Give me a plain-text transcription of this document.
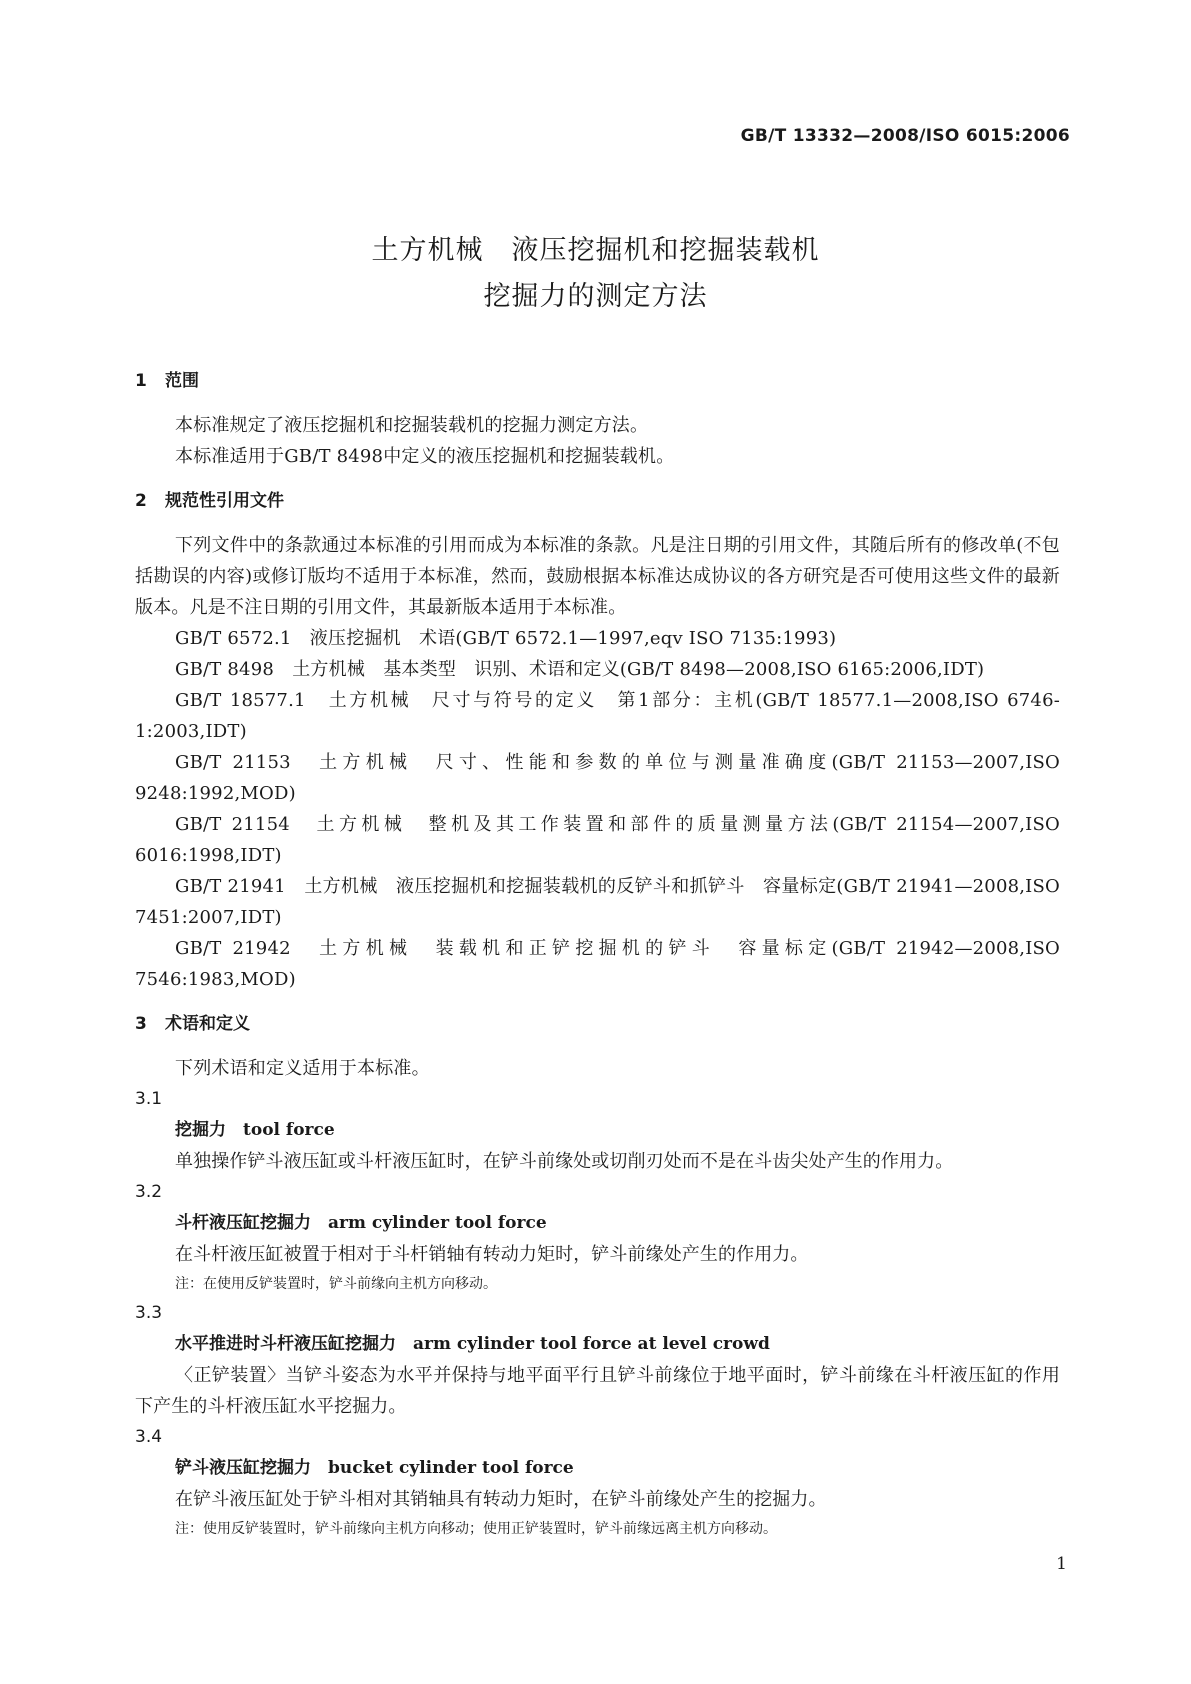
GB/T 13332—2008/ISO 6015:2006
土方机械　液压挖掘机和挖掘装载机
挖掘力的测定方法
1 范围
本标准规定了液压挖掘机和挖掘装载机的挖掘力测定方法。
本标准适用于GB/T 8498中定义的液压挖掘机和挖掘装载机。
2 规范性引用文件
下列文件中的条款通过本标准的引用而成为本标准的条款。凡是注日期的引用文件，其随后所有的修改单(不包括勘误的内容)或修订版均不适用于本标准，然而，鼓励根据本标准达成协议的各方研究是否可使用这些文件的最新版本。凡是不注日期的引用文件，其最新版本适用于本标准。
GB/T 6572.1　 液压挖掘机　术语(GB/T 6572.1—1997,eqv ISO 7135:1993)
GB/T 8498　 土方机械　基本类型　识别、术语和定义(GB/T 8498—2008,ISO 6165:2006,IDT)
GB/T 18577.1　 土方机械　尺寸与符号的定义　第1部分：主机(GB/T 18577.1—2008,ISO 6746-1:2003,IDT)
GB/T 21153　 土方机械　尺寸、性能和参数的单位与测量准确度(GB/T 21153—2007,ISO 9248:1992,MOD)
GB/T 21154　 土方机械　整机及其工作装置和部件的质量测量方法(GB/T 21154—2007,ISO 6016:1998,IDT)
GB/T 21941　 土方机械　液压挖掘机和挖掘装载机的反铲斗和抓铲斗　容量标定(GB/T 21941—2008,ISO 7451:2007,IDT)
GB/T 21942　 土方机械　装载机和正铲挖掘机的铲斗　容量标定(GB/T 21942—2008,ISO 7546:1983,MOD)
3 术语和定义
下列术语和定义适用于本标准。
3.1
挖掘力　 tool force
单独操作铲斗液压缸或斗杆液压缸时，在铲斗前缘处或切削刃处而不是在斗齿尖处产生的作用力。
3.2
斗杆液压缸挖掘力　 arm cylinder tool force
在斗杆液压缸被置于相对于斗杆销轴有转动力矩时，铲斗前缘处产生的作用力。
注：在使用反铲装置时，铲斗前缘向主机方向移动。
3.3
水平推进时斗杆液压缸挖掘力　 arm cylinder tool force at level crowd
〈正铲装置〉当铲斗姿态为水平并保持与地平面平行且铲斗前缘位于地平面时，铲斗前缘在斗杆液压缸的作用下产生的斗杆液压缸水平挖掘力。
3.4
铲斗液压缸挖掘力　 bucket cylinder tool force
在铲斗液压缸处于铲斗相对其销轴具有转动力矩时，在铲斗前缘处产生的挖掘力。
注：使用反铲装置时，铲斗前缘向主机方向移动；使用正铲装置时，铲斗前缘远离主机方向移动。
1
